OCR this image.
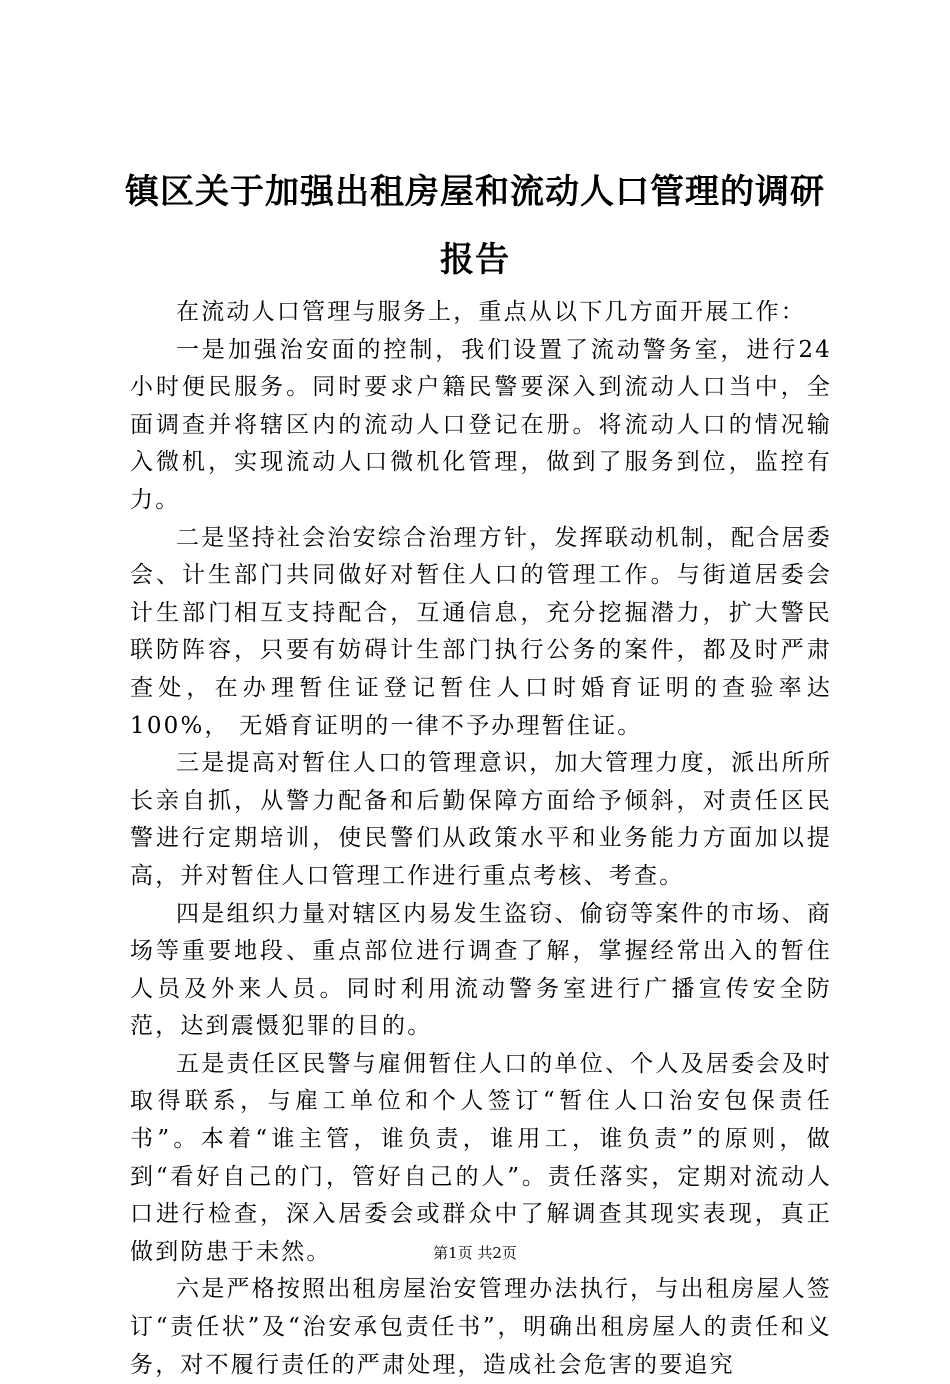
镇区关于加强出租房屋和流动人口管理的调研报告

在流动人口管理与服务上，重点从以下几方面开展工作：

一是加强治安面的控制，我们设置了流动警务室，进行24小时便民服务。同时要求户籍民警要深入到流动人口当中，全面调查并将辖区内的流动人口登记在册。将流动人口的情况输入微机，实现流动人口微机化管理，做到了服务到位，监控有力。

二是坚持社会治安综合治理方针，发挥联动机制，配合居委会、计生部门共同做好对暂住人口的管理工作。与街道居委会计生部门相互支持配合，互通信息，充分挖掘潜力，扩大警民联防阵容，只要有妨碍计生部门执行公务的案件，都及时严肃查处，在办理暂住证登记暂住人口时婚育证明的查验率达100%， 无婚育证明的一律不予办理暂住证。

三是提高对暂住人口的管理意识，加大管理力度，派出所所长亲自抓，从警力配备和后勤保障方面给予倾斜，对责任区民警进行定期培训，使民警们从政策水平和业务能力方面加以提高，并对暂住人口管理工作进行重点考核、考查。

四是组织力量对辖区内易发生盗窃、偷窃等案件的市场、商场等重要地段、重点部位进行调查了解，掌握经常出入的暂住人员及外来人员。同时利用流动警务室进行广播宣传安全防范，达到震慑犯罪的目的。

五是责任区民警与雇佣暂住人口的单位、个人及居委会及时取得联系，与雇工单位和个人签订“暂住人口治安包保责任书”。本着“谁主管，谁负责，谁用工，谁负责”的原则，做到“看好自己的门，管好自己的人”。责任落实，定期对流动人口进行检查，深入居委会或群众中了解调查其现实表现，真正做到防患于未然。

六是严格按照出租房屋治安管理办法执行，与出租房屋人签订“责任状”及“治安承包责任书”，明确出租房屋人的责任和义务，对不履行责任的严肃处理，造成社会危害的要追究

第1页 共2页
